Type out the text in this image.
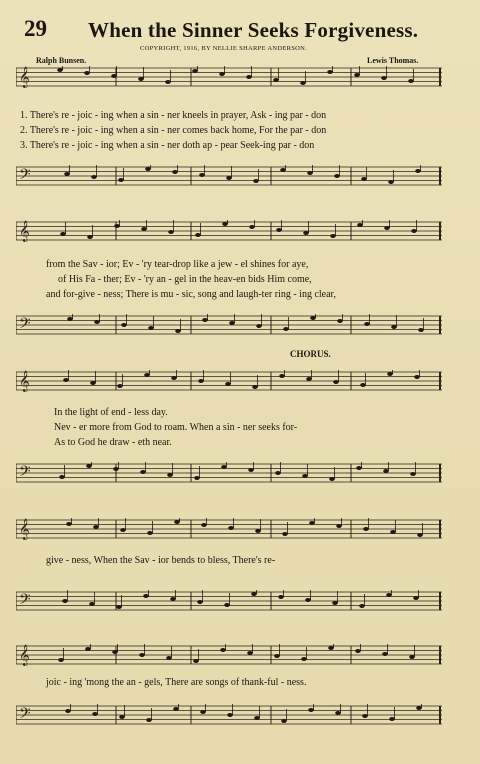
29 When the Sinner Seeks Forgiveness.
COPYRIGHT, 1916, BY NELLIE SHARPE ANDERSON.
Ralph Bunsen.	Lewis Thomas.
𝄞
1. There's re - joic - ing when a sin - ner kneels in prayer, Ask - ing par - don
2. There's re - joic - ing when a sin - ner comes back home, For the par - don
3. There's re - joic - ing when a sin - ner doth ap - pear Seek-ing par - don
𝄢
𝄞
from the Sav - ior; Ev - 'ry tear-drop like a jew - el shines for aye,
of His Fa - ther; Ev - 'ry an - gel in the heav-en bids Him come,
and for-give - ness; There is mu - sic, song and laugh-ter ring - ing clear,
𝄢
CHORUS.
𝄞
In the light of end - less day.
Nev - er more from God to roam. When a sin - ner seeks for-
As to God he draw - eth near.
𝄢
𝄞
give - ness, When the Sav - ior bends to bless, There's re-
𝄢
𝄞
joic - ing 'mong the an - gels, There are songs of thank-ful - ness.
𝄢
